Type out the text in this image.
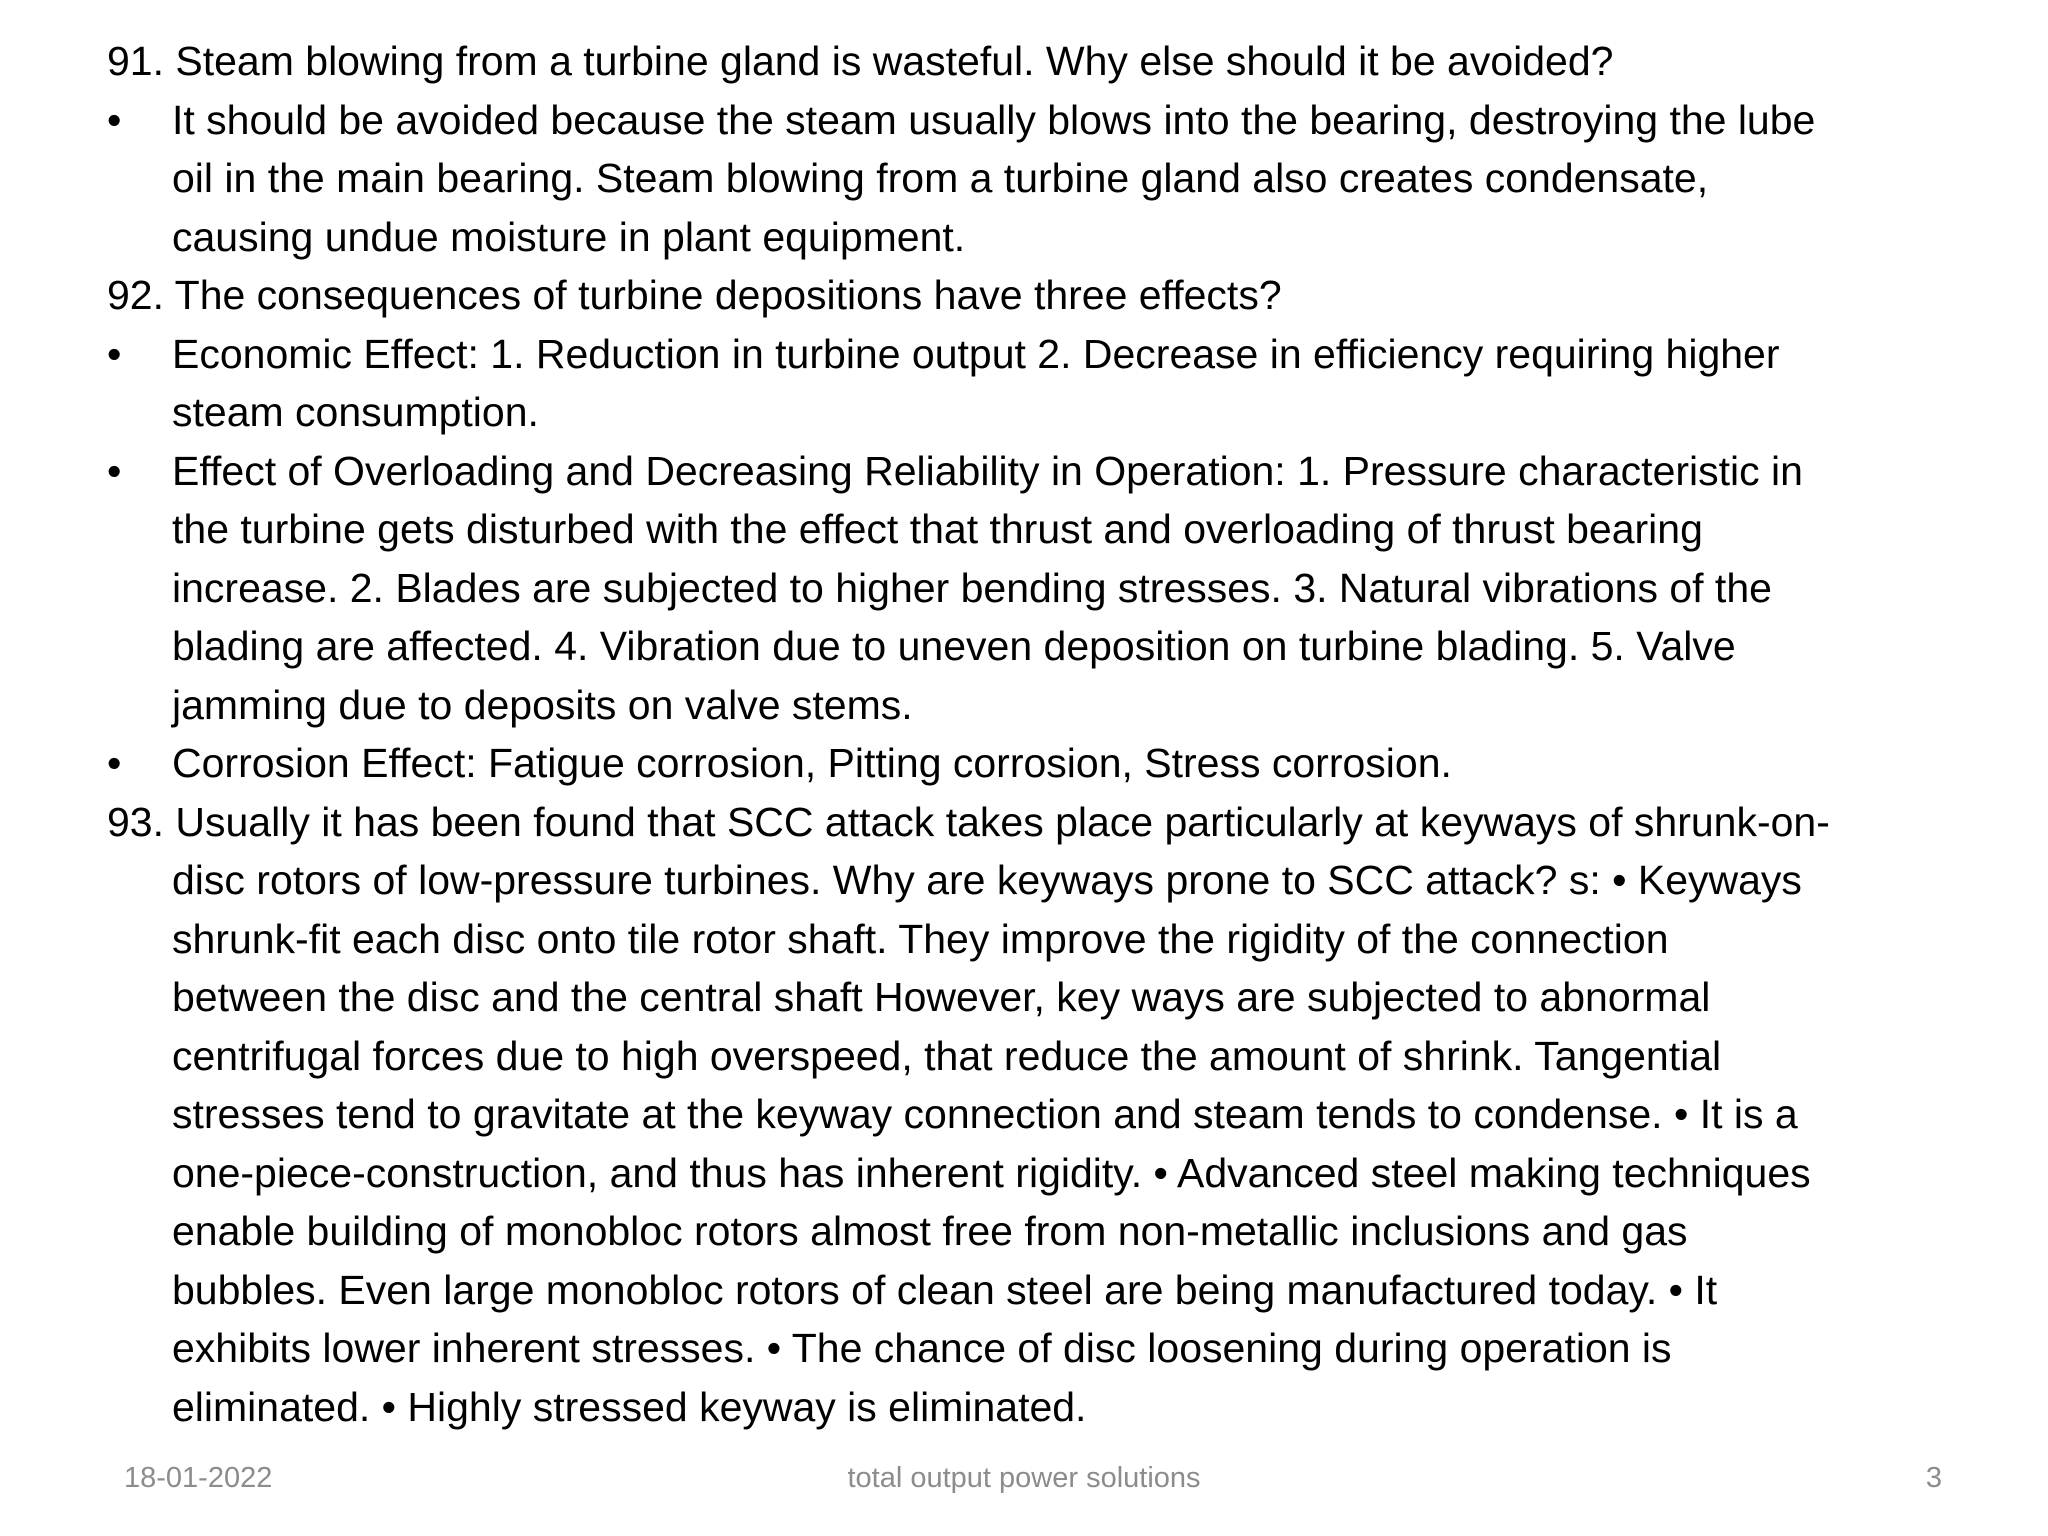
91. Steam blowing from a turbine gland is wasteful. Why else should it be avoided?
• It should be avoided because the steam usually blows into the bearing, destroying the lube
oil in the main bearing. Steam blowing from a turbine gland also creates condensate,
causing undue moisture in plant equipment.
92. The consequences of turbine depositions have three effects?
• Economic Effect: 1. Reduction in turbine output 2. Decrease in efficiency requiring higher
steam consumption.
• Effect of Overloading and Decreasing Reliability in Operation: 1. Pressure characteristic in
the turbine gets disturbed with the effect that thrust and overloading of thrust bearing
increase. 2. Blades are subjected to higher bending stresses. 3. Natural vibrations of the
blading are affected. 4. Vibration due to uneven deposition on turbine blading. 5. Valve
jamming due to deposits on valve stems.
• Corrosion Effect: Fatigue corrosion, Pitting corrosion, Stress corrosion.
93. Usually it has been found that SCC attack takes place particularly at keyways of shrunk-on-
disc rotors of low-pressure turbines. Why are keyways prone to SCC attack? s: • Keyways
shrunk-fit each disc onto tile rotor shaft. They improve the rigidity of the connection
between the disc and the central shaft However, key ways are subjected to abnormal
centrifugal forces due to high overspeed, that reduce the amount of shrink. Tangential
stresses tend to gravitate at the keyway connection and steam tends to condense. • It is a
one-piece-construction, and thus has inherent rigidity. • Advanced steel making techniques
enable building of monobloc rotors almost free from non-metallic inclusions and gas
bubbles. Even large monobloc rotors of clean steel are being manufactured today. • It
exhibits lower inherent stresses. • The chance of disc loosening during operation is
eliminated. • Highly stressed keyway is eliminated.
18-01-2022	total output power solutions	3
